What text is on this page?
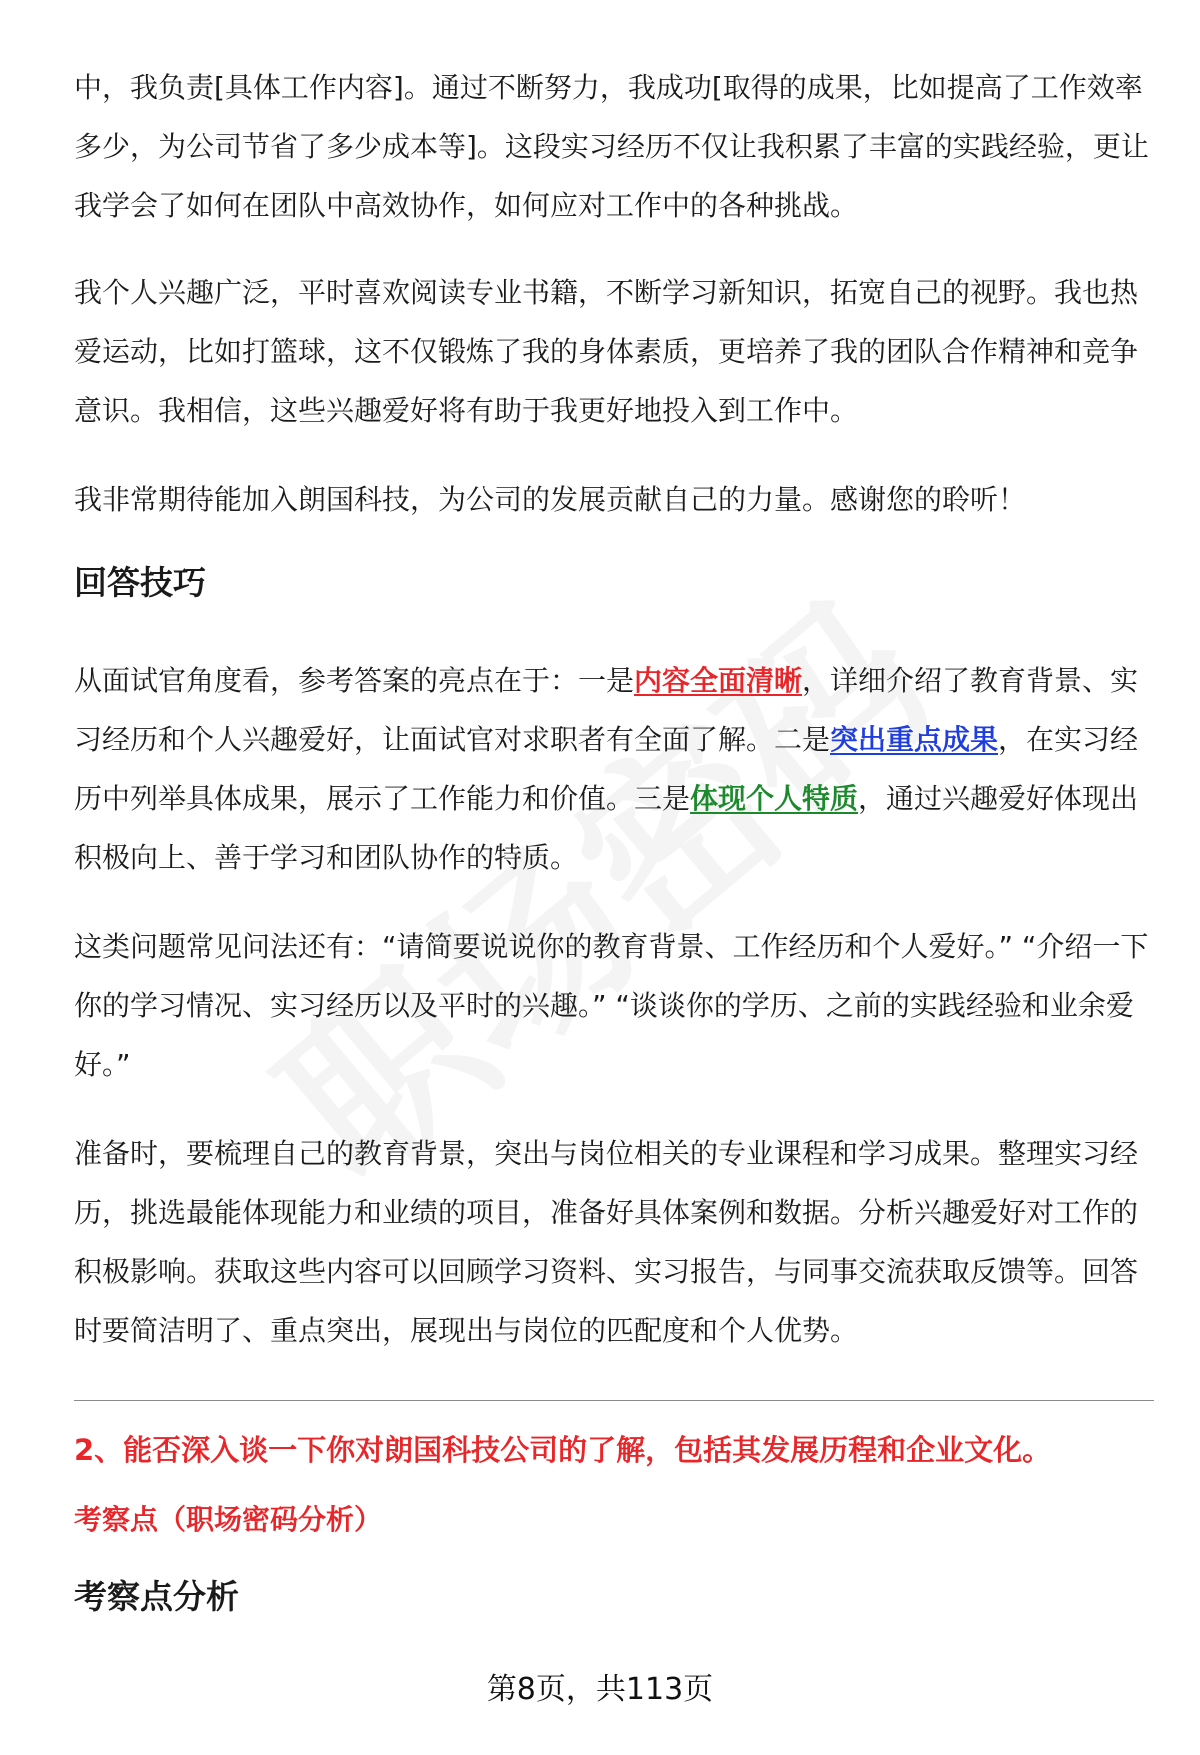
中，我负责[具体工作内容]。通过不断努力，我成功[取得的成果，比如提高了工作效率多少，为公司节省了多少成本等]。这段实习经历不仅让我积累了丰富的实践经验，更让我学会了如何在团队中高效协作，如何应对工作中的各种挑战。

我个人兴趣广泛，平时喜欢阅读专业书籍，不断学习新知识，拓宽自己的视野。我也热爱运动，比如打篮球，这不仅锻炼了我的身体素质，更培养了我的团队合作精神和竞争意识。我相信，这些兴趣爱好将有助于我更好地投入到工作中。

我非常期待能加入朗国科技，为公司的发展贡献自己的力量。感谢您的聆听！

回答技巧

从面试官角度看，参考答案的亮点在于：一是内容全面清晰，详细介绍了教育背景、实习经历和个人兴趣爱好，让面试官对求职者有全面了解。二是突出重点成果，在实习经历中列举具体成果，展示了工作能力和价值。三是体现个人特质，通过兴趣爱好体现出积极向上、善于学习和团队协作的特质。

这类问题常见问法还有：“请简要说说你的教育背景、工作经历和个人爱好。” “介绍一下你的学习情况、实习经历以及平时的兴趣。” “谈谈你的学历、之前的实践经验和业余爱好。”

准备时，要梳理自己的教育背景，突出与岗位相关的专业课程和学习成果。整理实习经历，挑选最能体现能力和业绩的项目，准备好具体案例和数据。分析兴趣爱好对工作的积极影响。获取这些内容可以回顾学习资料、实习报告，与同事交流获取反馈等。回答时要简洁明了、重点突出，展现出与岗位的匹配度和个人优势。

2、能否深入谈一下你对朗国科技公司的了解，包括其发展历程和企业文化。

考察点（职场密码分析）

考察点分析
第8页，共113页
